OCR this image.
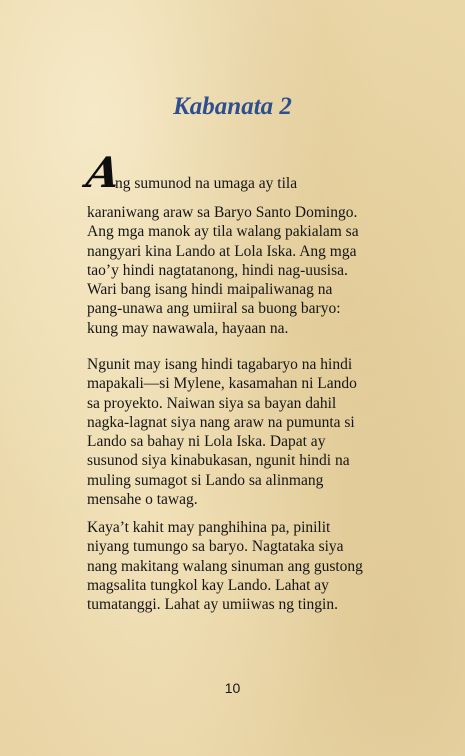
Kabanata 2
A
ng sumunod na umaga ay tila
karaniwang araw sa Baryo Santo Domingo.
Ang mga manok ay tila walang pakialam sa
nangyari kina Lando at Lola Iska. Ang mga
tao’y hindi nagtatanong, hindi nag-uusisa.
Wari bang isang hindi maipaliwanag na
pang-unawa ang umiiral sa buong baryo:
kung may nawawala, hayaan na.
Ngunit may isang hindi tagabaryo na hindi
mapakali—si Mylene, kasamahan ni Lando
sa proyekto. Naiwan siya sa bayan dahil
nagka-lagnat siya nang araw na pumunta si
Lando sa bahay ni Lola Iska. Dapat ay
susunod siya kinabukasan, ngunit hindi na
muling sumagot si Lando sa alinmang
mensahe o tawag.
Kaya’t kahit may panghihina pa, pinilit
niyang tumungo sa baryo. Nagtataka siya
nang makitang walang sinuman ang gustong
magsalita tungkol kay Lando. Lahat ay
tumatanggi. Lahat ay umiiwas ng tingin.
10
